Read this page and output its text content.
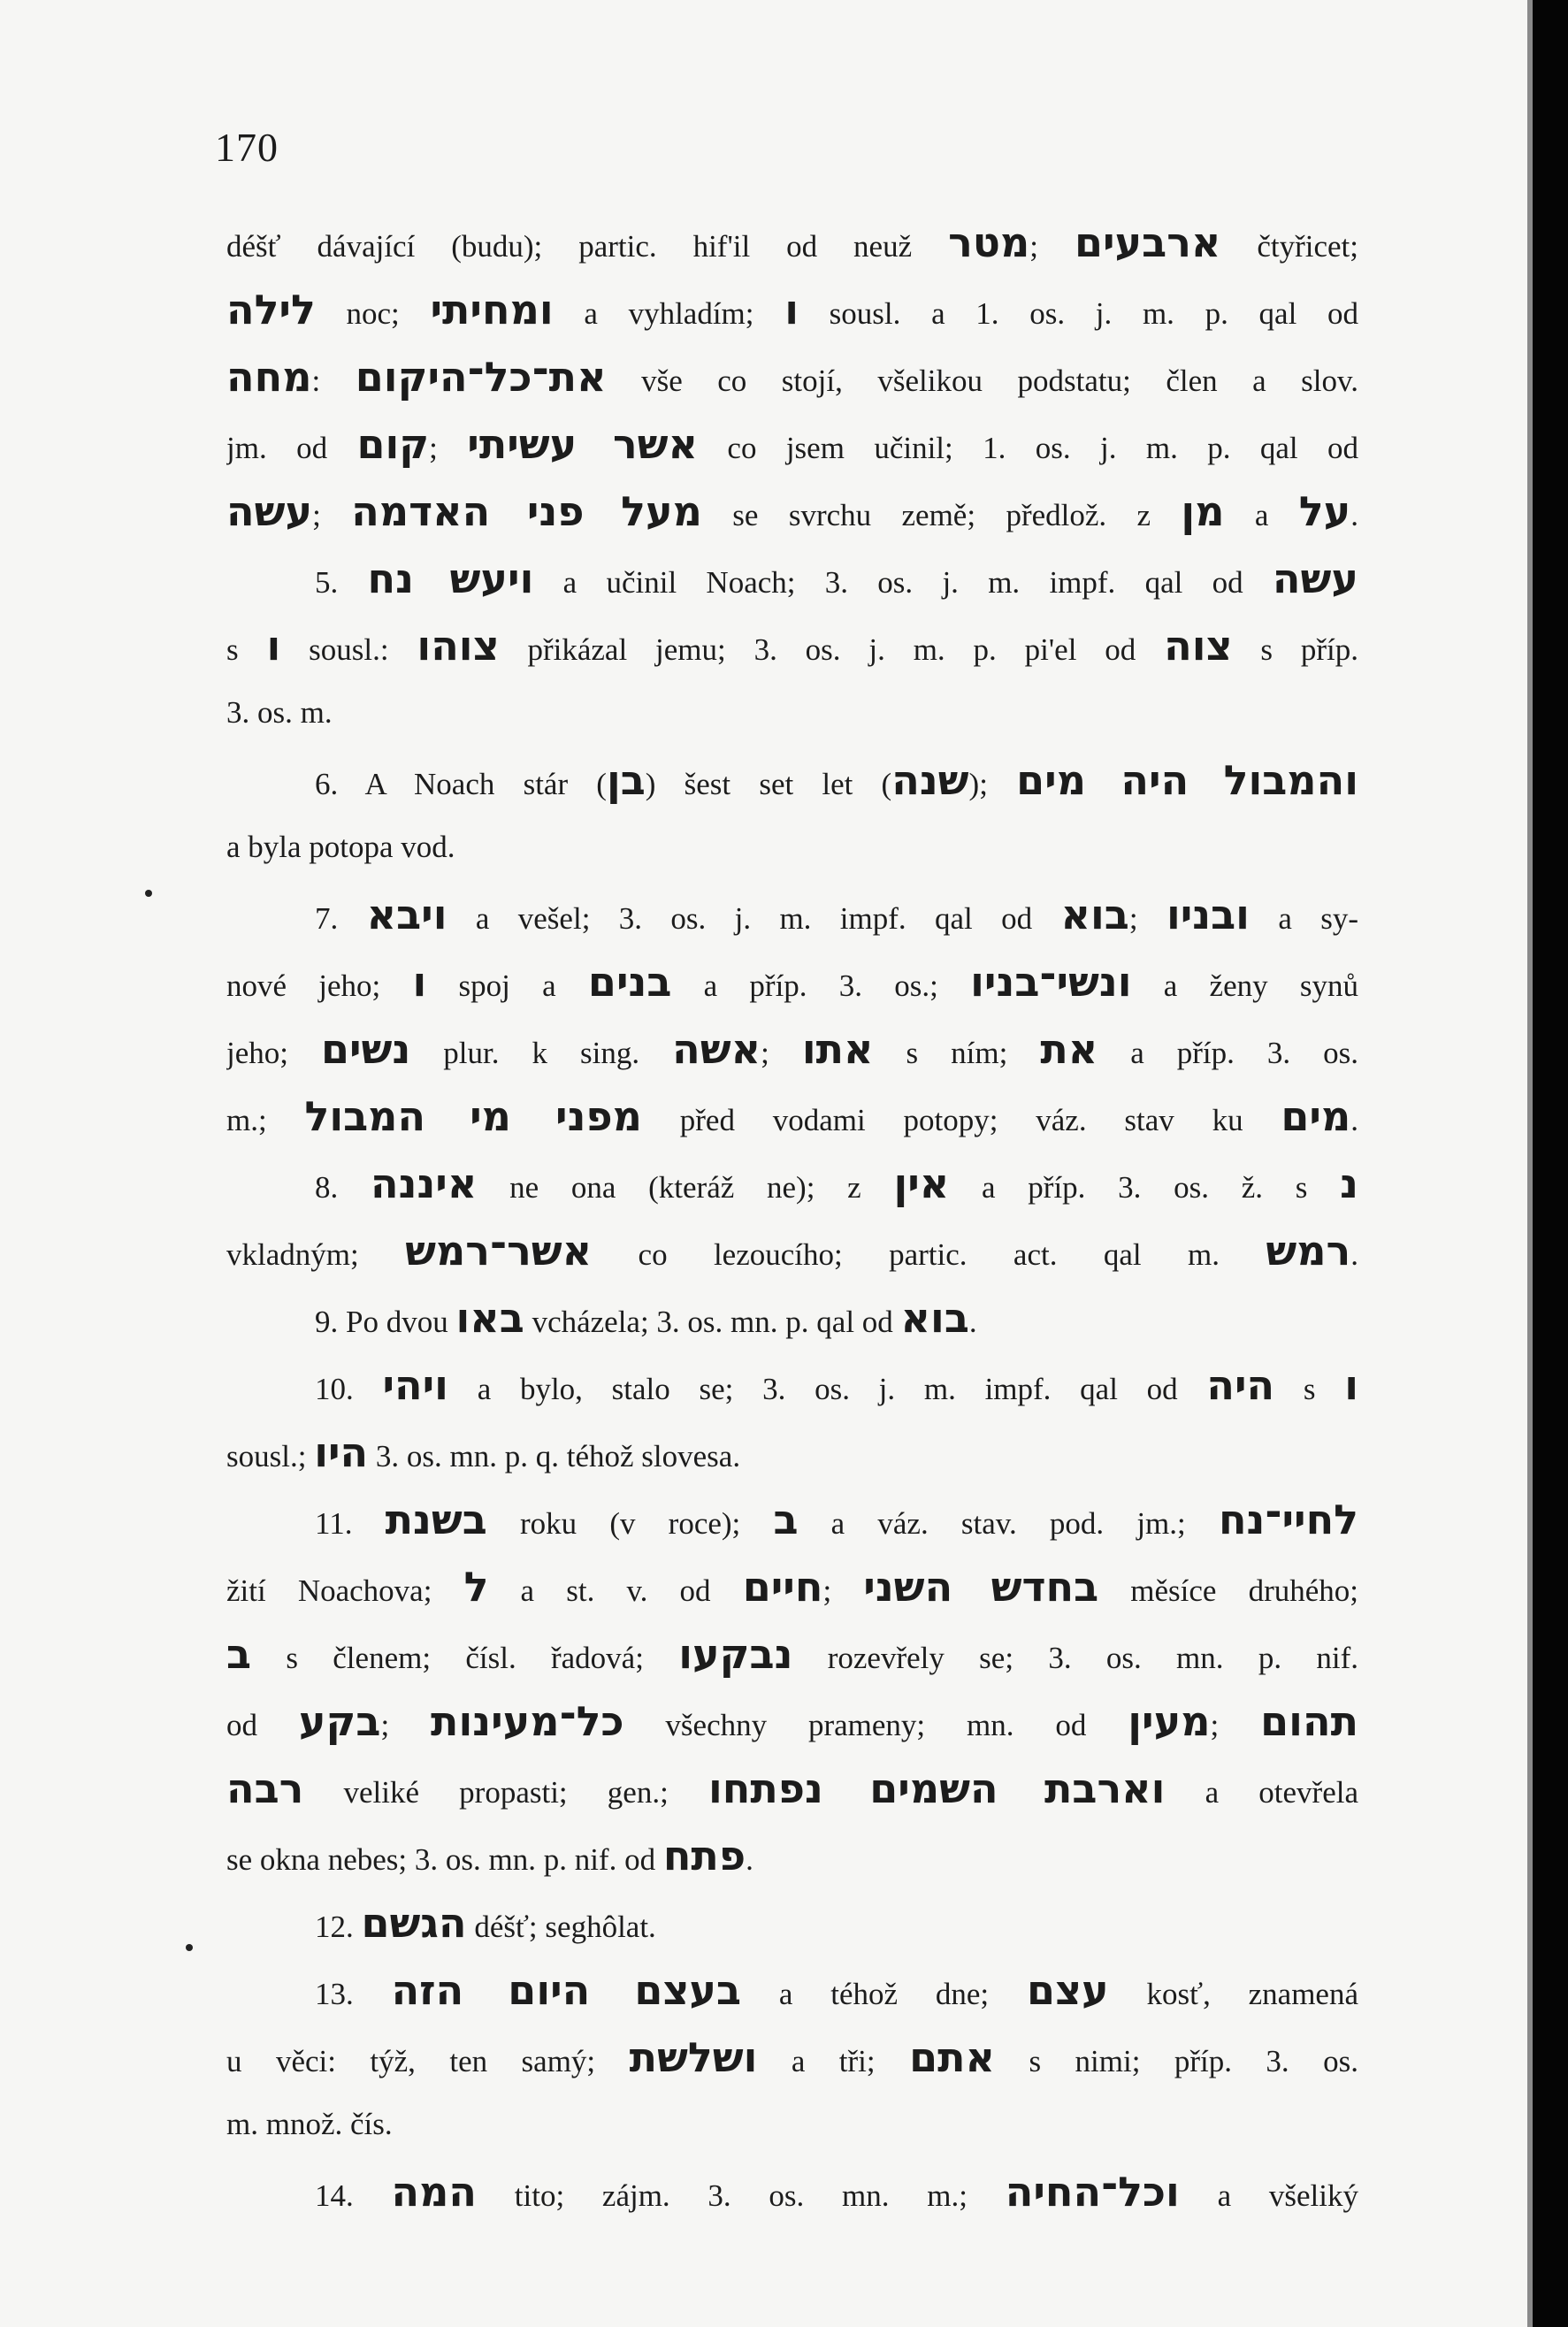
170
déšť dávající (budu); partic. hif'il od neuž מטר; ארבעים čtyřicet;
לילה noc; ומחיתי a vyhladím; ו sousl. a 1. os. j. m. p. qal od
מחה: את־כל־היקום vše co stojí, všelikou podstatu; člen a slov.
jm. od קום; אשר עשיתי co jsem učinil; 1. os. j. m. p. qal od
עשה; מעל פני האדמה se svrchu země; předlož. z מן a על.
5. ויעש נח a učinil Noach; 3. os. j. m. impf. qal od עשה
s ו sousl.: צוהו přikázal jemu; 3. os. j. m. p. pi'el od צוה s příp.
3. os. m.
6. A Noach stár (בן) šest set let (שנה); והמבול היה מים
a byla potopa vod.
7. ויבא a vešel; 3. os. j. m. impf. qal od בוא; ובניו a sy-
nové jeho; ו spoj a בנים a příp. 3. os.; ונשי־בניו a ženy synů
jeho; נשים plur. k sing. אשה; אתו s ním; את a příp. 3. os.
m.; מפני מי המבול před vodami potopy; váz. stav ku מים.
8. איננה ne ona (kteráž ne); z אין a příp. 3. os. ž. s נ
vkladným; אשר־רמש co lezoucího; partic. act. qal m. רמש.
9. Po dvou באו vcházela; 3. os. mn. p. qal od בוא.
10. ויהי a bylo, stalo se; 3. os. j. m. impf. qal od היה s ו
sousl.; היו 3. os. mn. p. q. téhož slovesa.
11. בשנת roku (v roce); ב a váz. stav. pod. jm.; לחיי־נח
žití Noachova; ל a st. v. od חיים; בחדש השני měsíce druhého;
ב s členem; čísl. řadová; נבקעו rozevřely se; 3. os. mn. p. nif.
od בקע; כל־מעינות všechny prameny; mn. od מעין; תהום
רבה veliké propasti; gen.; וארבת השמים נפתחו a otevřela
se okna nebes; 3. os. mn. p. nif. od פתח.
12. הגשם déšť; seghôlat.
13. בעצם היום הזה a téhož dne; עצם kosť, znamená
u věci: týž, ten samý; ושלשת a tři; אתם s nimi; příp. 3. os.
m. množ. čís.
14. המה tito; zájm. 3. os. mn. m.; וכל־החיה a všeliký
